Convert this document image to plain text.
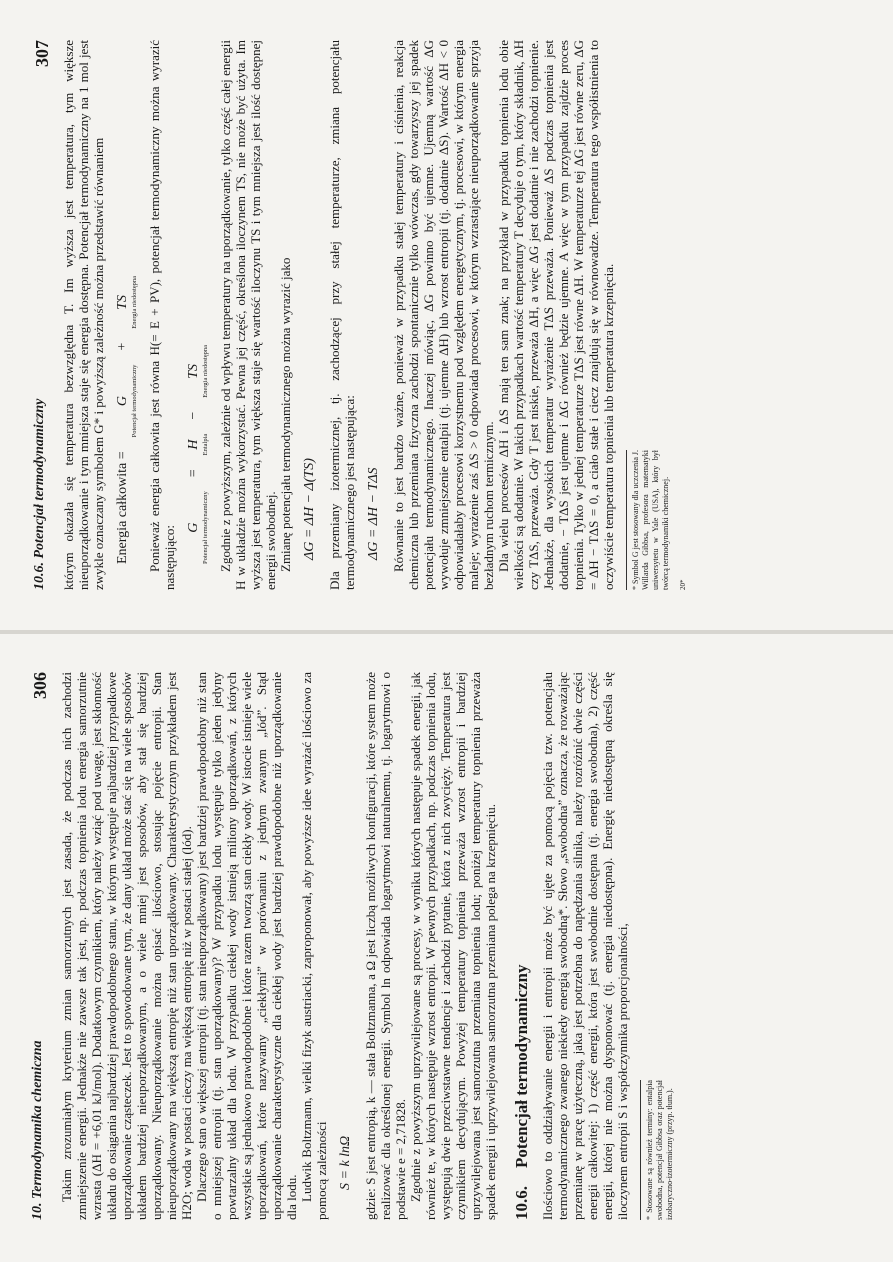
10. Termodynamika chemiczna
306 Takim zrozumiałym kryterium zmian samorzutnych jest zasada, że podczas nich zachodzi zmniejszenie energii. Jednakże nie zawsze tak jest, np. podczas topnienia lodu energia samorzutnie wzrasta (ΔH = +6,01 kJ/mol). Dodatkowym czynnikiem, który należy wziąć pod uwagę, jest skłonność układu do osiągania najbardziej prawdopodobnego stanu, w którym występuje najbardziej przypadkowe uporządkowanie cząsteczek. Jest to spowodowane tym, że dany układ może stać się na wiele sposobów układem bardziej nieuporządkowanym, a o wiele mniej jest sposobów, aby stał się bardziej uporządkowany. Nieuporządkowanie można opisać ilościowo, stosując pojęcie entropii. Stan nieuporządkowany ma większą entropię niż stan uporządkowany. Charakterystycznym przykładem jest H2O; woda w postaci cieczy ma większą entropię niż w postaci stałej (lód). Dlaczego stan o większej entropii (tj. stan nieuporządkowany) jest bardziej prawdopodobny niż stan o mniejszej entropii (tj. stan uporządkowany)? W przypadku lodu występuje tylko jeden jedyny powtarzalny układ dla lodu. W przypadku ciekłej wody istnieją miliony uporządkowań, z których wszystkie są jednakowo prawdopodobne i które razem tworzą stan ciekły wody. W istocie istnieje wiele uporządkowań, które nazywamy „ciekłymi” w porównaniu z jednym zwanym „lód”. Stąd uporządkowanie charakterystyczne dla ciekłej wody jest bardziej prawdopodobne niż uporządkowanie dla lodu. Ludwik Boltzmann, wielki fizyk austriacki, zaproponował, aby powyższe idee wyrażać ilościowo za pomocą zależności S = k lnΩ gdzie: S jest entropią, k — stała Boltzmanna, a Ω jest liczbą możliwych konfiguracji, które system może realizować dla określonej energii. Symbol ln odpowiada logarytmowi naturalnemu, tj. logarytmowi o podstawie e = 2,71828. Zgodnie z powyższym uprzywilejowane są procesy, w wyniku których następuje spadek energii, jak również te, w których następuje wzrost entropii. W pewnych przypadkach, np. podczas topnienia lodu, występują dwie przeciwstawne tendencje i zachodzi pytanie, która z nich zwycięży. Temperatura jest czynnikiem decydującym. Powyżej temperatury topnienia przeważa wzrost entropii i bardziej uprzywilejowana jest samorzutna przemiana topnienia lodu; poniżej temperatury topnienia przeważa spadek energii i uprzywilejowana samorzutna przemiana polega na krzepnięciu. 10.6.Potencjał termodynamiczny Ilościowo to oddziaływanie energii i entropii może być ujęte za pomocą pojęcia tzw. potencjału termodynamicznego zwanego niekiedy energią swobodną*. Słowo „swobodna” oznacza, że rozważając przemianę w pracę użyteczną, jaka jest potrzebna do napędzania silnika, należy rozróżnić dwie części energii całkowitej: 1) część energii, która jest swobodnie dostępna (tj. energia swobodna), 2) część energii, której nie można dysponować (tj. energia niedostępna). Energię niedostępną określa się iloczynem entropii S i współczynnika proporcjonalności, * Stosowane są również terminy: entalpia swobodna, potencjał Gibbsa oraz potencjał izobaryczno-izotermiczny (przyp. tłum.).

10.6. Potencjał termodynamiczny
307 którym okazała się temperatura bezwzględna T. Im wyższa jest temperatura, tym większe nieuporządkowanie i tym mniejsza staje się energia dostępna. Potencjał termodynamiczny na 1 mol jest zwykle oznaczany symbolem G* i powyższą zależność można przedstawić równaniem Energia całkowita =
G Potencjał termodynamiczny
+
TS Energia niedostępna Ponieważ energia całkowita jest równa H(= E + PV), potencjał termodynamiczny można wyrazić następująco: G Potencjał termodynamiczny
=
H Entalpia
−
TS Energia niedostępna Zgodnie z powyższym, zależnie od wpływu temperatury na uporządkowanie, tylko część całej energii H w układzie można wykorzystać. Pewna jej część, określona iloczynem TS, nie może być użyta. Im wyższa jest temperatura, tym większa staje się wartość iloczynu TS i tym mniejsza jest ilość dostępnej energii swobodnej. Zmianę potencjału termodynamicznego można wyrazić jako ΔG = ΔH − Δ(TS) Dla przemiany izotermicznej, tj. zachodzącej przy stałej temperaturze, zmiana potencjału termodynamicznego jest następująca: ΔG = ΔH − TΔS Równanie to jest bardzo ważne, ponieważ w przypadku stałej temperatury i ciśnienia, reakcja chemiczna lub przemiana fizyczna zachodzi spontanicznie tylko wówczas, gdy towarzyszy jej spadek potencjału termodynamicznego. Inaczej mówiąc, ΔG powinno być ujemne. Ujemną wartość ΔG wywołuje zmniejszenie entalpii (tj. ujemne ΔH) lub wzrost entropii (tj. dodatnie ΔS). Wartość ΔH < 0 odpowiadałaby procesowi korzystnemu pod względem energetycznym, tj. procesowi, w którym energia maleje; wyrażenie zaś ΔS > 0 odpowiada procesowi, w którym wzrastające nieuporządkowanie sprzyja bezładnym ruchom termicznym. Dla wielu procesów ΔH i ΔS mają ten sam znak; na przykład w przypadku topnienia lodu obie wielkości są dodatnie. W takich przypadkach wartość temperatury T decyduje o tym, który składnik, ΔH czy TΔS, przeważa. Gdy T jest niskie, przeważa ΔH, a więc ΔG jest dodatnie i nie zachodzi topnienie. Jednakże, dla wysokich temperatur wyrażenie TΔS przeważa. Ponieważ ΔS podczas topnienia jest dodatnie, − TΔS jest ujemne i ΔG również będzie ujemne. A więc w tym przypadku zajdzie proces topnienia. Tylko w jednej temperaturze TΔS jest równe ΔH. W temperaturze tej ΔG jest równe zeru, ΔG = ΔH − TΔS = 0, a ciało stałe i ciecz znajdują się w równowadze. Temperatura tego współistnienia to oczywiście temperatura topnienia lub temperatura krzepnięcia. * Symbol G jest stosowany dla uczczenia J. Willarda Gibbsa, profesora matematyki uniwersytetu w Yale (USA), który był twórcą termodynamiki chemicznej. 20*
